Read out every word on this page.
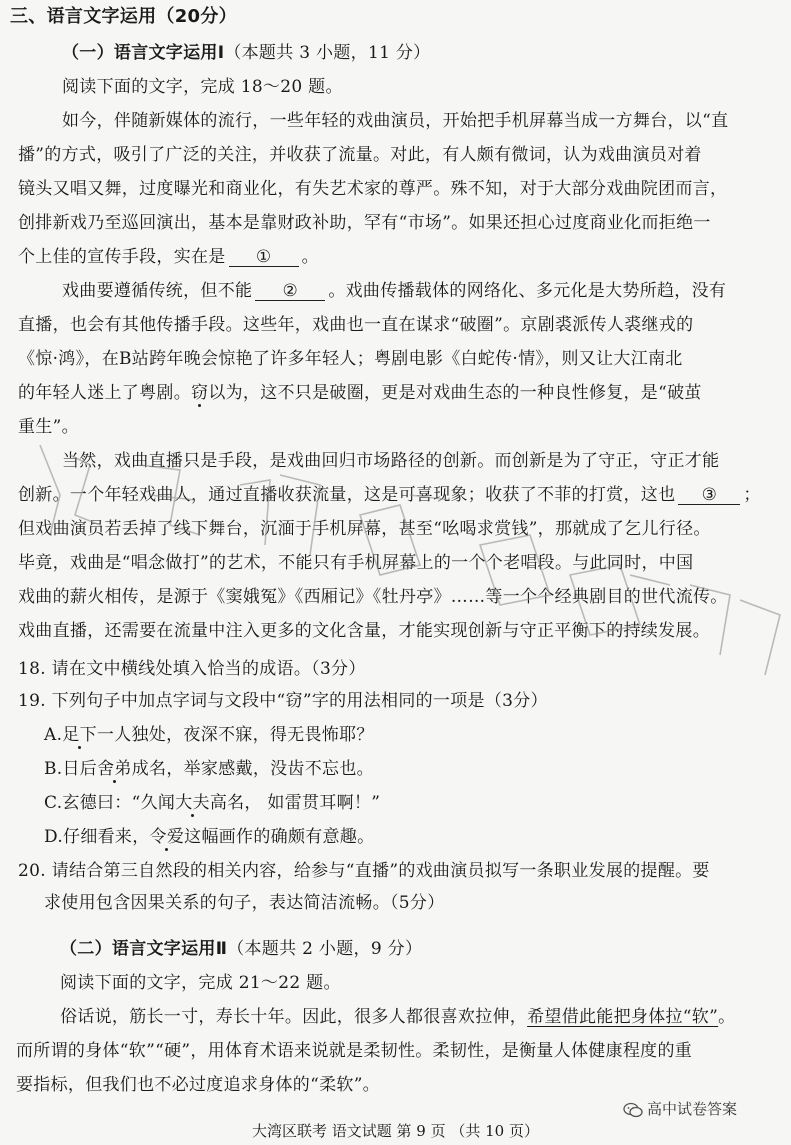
三、语言文字运用（20分）
（一）语言文字运用Ⅰ（本题共 3 小题，11 分）
阅读下面的文字，完成 18～20 题。
如今，伴随新媒体的流行，一些年轻的戏曲演员，开始把手机屏幕当成一方舞台，以“直
播”的方式，吸引了广泛的关注，并收获了流量。对此，有人颇有微词，认为戏曲演员对着
镜头又唱又舞，过度曝光和商业化，有失艺术家的尊严。殊不知，对于大部分戏曲院团而言，
创排新戏乃至巡回演出，基本是靠财政补助，罕有“市场”。如果还担心过度商业化而拒绝一
个上佳的宣传手段，实在是 ① 。
戏曲要遵循传统，但不能 ② 。戏曲传播载体的网络化、多元化是大势所趋，没有
直播，也会有其他传播手段。这些年，戏曲也一直在谋求“破圈”。京剧裘派传人裘继戎的
《惊·鸿》，在B站跨年晚会惊艳了许多年轻人；粤剧电影《白蛇传·情》，则又让大江南北
的年轻人迷上了粤剧。窃以为，这不只是破圈，更是对戏曲生态的一种良性修复，是“破茧
重生”。
当然，戏曲直播只是手段，是戏曲回归市场路径的创新。而创新是为了守正，守正才能
创新。一个年轻戏曲人，通过直播收获流量，这是可喜现象；收获了不菲的打赏，这也 ③ ；
但戏曲演员若丢掉了线下舞台，沉湎于手机屏幕，甚至“吆喝求赏钱”，那就成了乞儿行径。
毕竟，戏曲是“唱念做打”的艺术，不能只有手机屏幕上的一个个老唱段。与此同时，中国
戏曲的薪火相传，是源于《窦娥冤》《西厢记》《牡丹亭》……等一个个经典剧目的世代流传。
戏曲直播，还需要在流量中注入更多的文化含量，才能实现创新与守正平衡下的持续发展。
18. 请在文中横线处填入恰当的成语。（3分）
19. 下列句子中加点字词与文段中“窃”字的用法相同的一项是（3分）
A.足下一人独处，夜深不寐，得无畏怖耶？
B.日后舍弟成名，举家感戴，没齿不忘也。
C.玄德曰：“久闻大夫高名， 如雷贯耳啊！”
D.仔细看来，令爱这幅画作的确颇有意趣。
20. 请结合第三自然段的相关内容，给参与“直播”的戏曲演员拟写一条职业发展的提醒。要
求使用包含因果关系的句子，表达简洁流畅。（5分）
（二）语言文字运用Ⅱ（本题共 2 小题，9 分）
阅读下面的文字，完成 21～22 题。
俗话说，筋长一寸，寿长十年。因此，很多人都很喜欢拉伸，希望借此能把身体拉“软”。
而所谓的身体“软”“硬”，用体育术语来说就是柔韧性。柔韧性，是衡量人体健康程度的重
要指标，但我们也不必过度追求身体的“柔软”。
高中试卷答案
大湾区联考 语文试题 第 9 页 （共 10 页）
